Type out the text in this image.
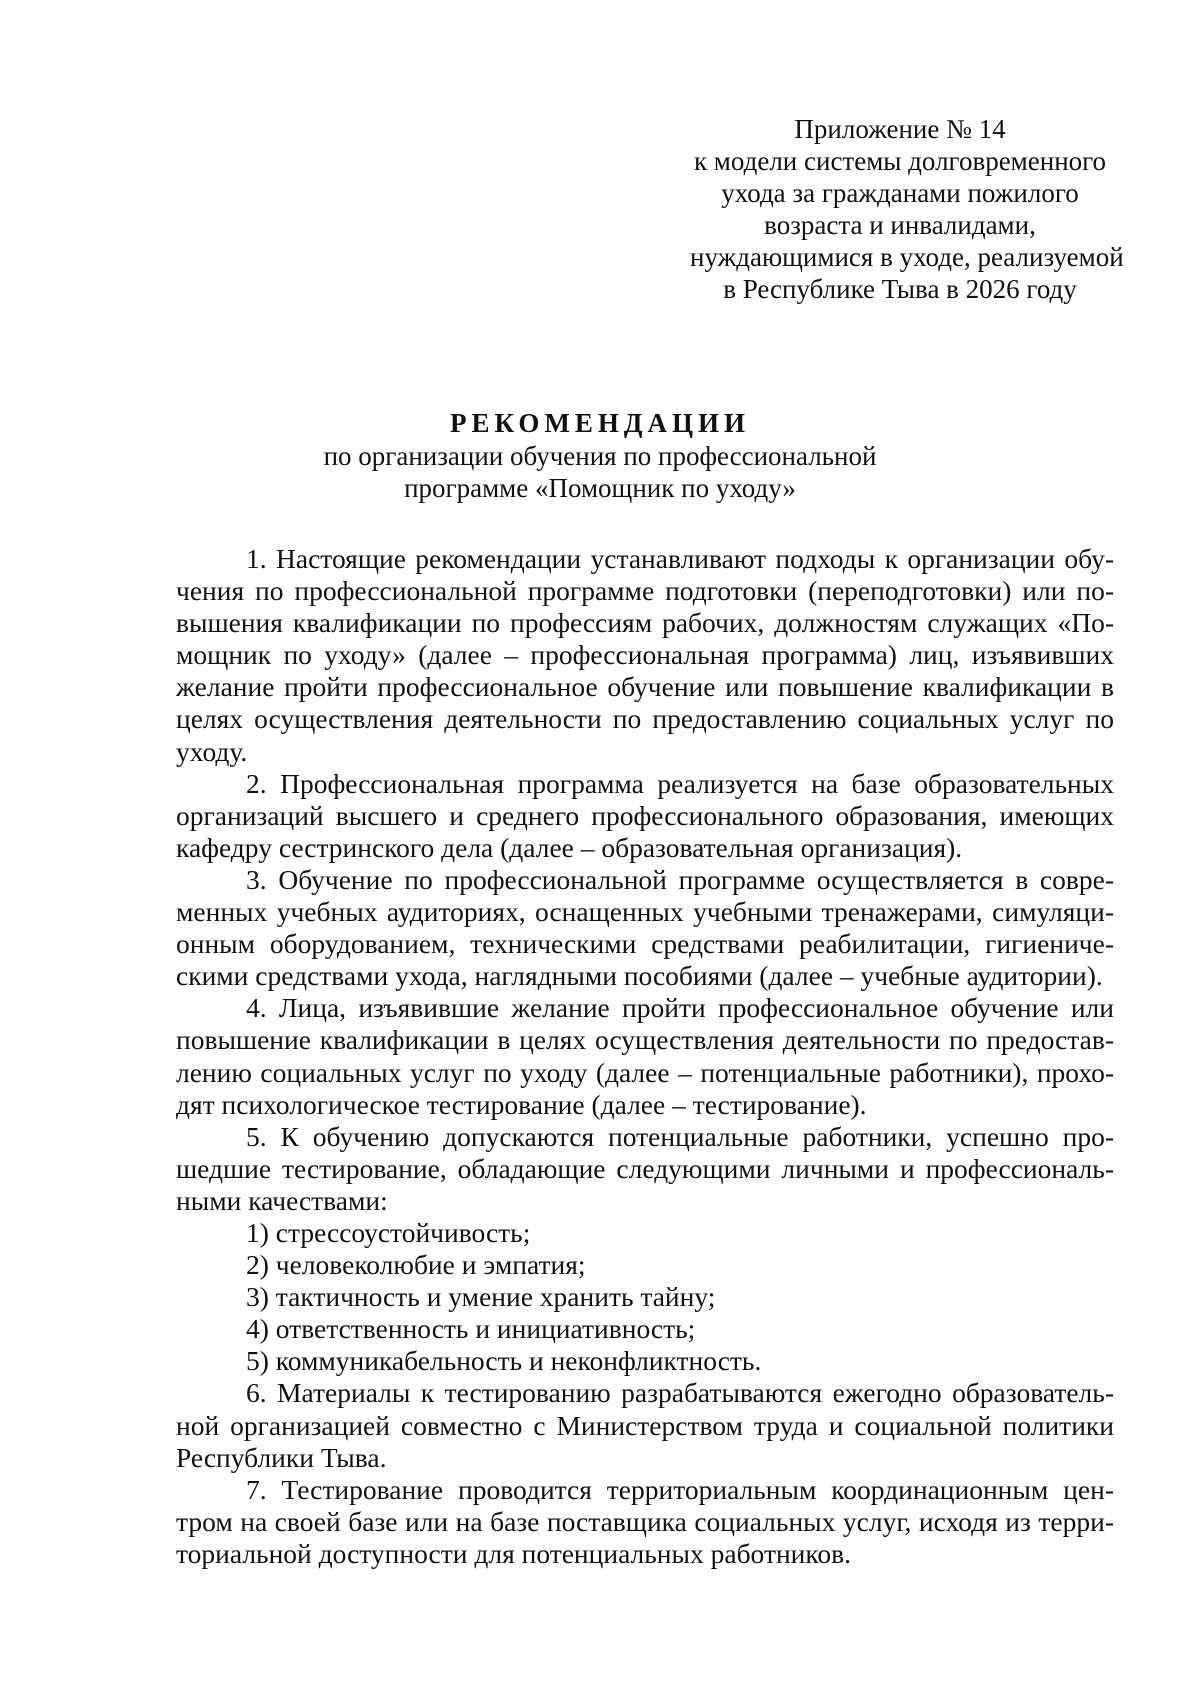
Приложение № 14
к модели системы долговременного
ухода за гражданами пожилого
возраста и инвалидами,
нуждающимися в уходе, реализуемой
в Республике Тыва в 2026 году
РЕКОМЕНДАЦИИ
по организации обучения по профессиональной
программе «Помощник по уходу»

1. Настоящие рекомендации устанавливают подходы к организации обучения по профессиональной программе подготовки (переподготовки) или повышения квалификации по профессиям рабочих, должностям служащих «Помощник по уходу» (далее – профессиональная программа) лиц, изъявивших желание пройти профессиональное обучение или повышение квалификации в целях осуществления деятельности по предоставлению социальных услуг по уходу.

2. Профессиональная программа реализуется на базе образовательных организаций высшего и среднего профессионального образования, имеющих кафедру сестринского дела (далее – образовательная организация).

3. Обучение по профессиональной программе осуществляется в современных учебных аудиториях, оснащенных учебными тренажерами, симуляционным оборудованием, техническими средствами реабилитации, гигиеническими средствами ухода, наглядными пособиями (далее – учебные аудитории).

4. Лица, изъявившие желание пройти профессиональное обучение или повышение квалификации в целях осуществления деятельности по предоставлению социальных услуг по уходу (далее – потенциальные работники), проходят психологическое тестирование (далее – тестирование).

5. К обучению допускаются потенциальные работники, успешно прошедшие тестирование, обладающие следующими личными и профессиональными качествами:

1) стрессоустойчивость;
2) человеколюбие и эмпатия;
3) тактичность и умение хранить тайну;
4) ответственность и инициативность;
5) коммуникабельность и неконфликтность.

6. Материалы к тестированию разрабатываются ежегодно образовательной организацией совместно с Министерством труда и социальной политики Республики Тыва.

7. Тестирование проводится территориальным координационным центром на своей базе или на базе поставщика социальных услуг, исходя из территориальной доступности для потенциальных работников.
